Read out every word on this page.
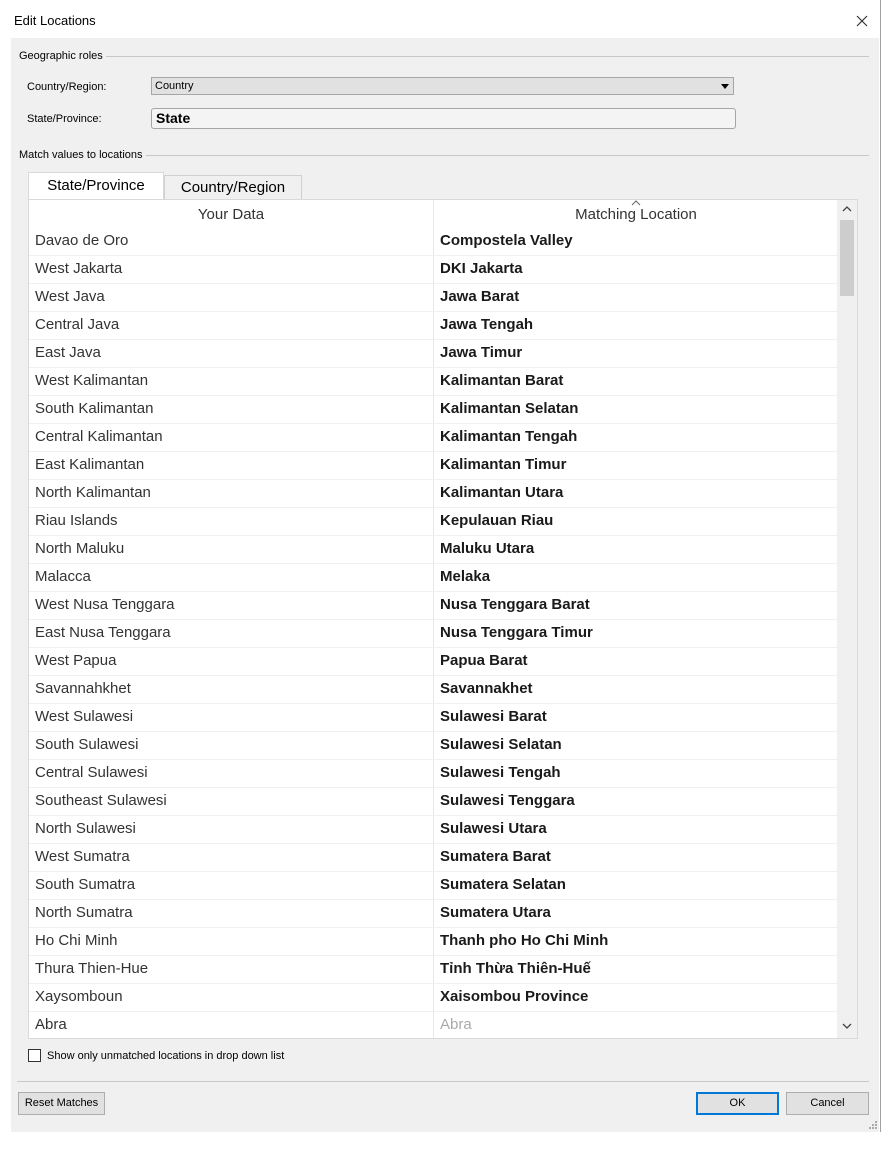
Edit Locations
Geographic roles
Country/Region:	Country
State/Province:	State
Match values to locations
State/Province	Country/Region
Your Data	Matching Location
Davao de Oro	Compostela Valley
West Jakarta	DKI Jakarta
West Java	Jawa Barat
Central Java	Jawa Tengah
East Java	Jawa Timur
West Kalimantan	Kalimantan Barat
South Kalimantan	Kalimantan Selatan
Central Kalimantan	Kalimantan Tengah
East Kalimantan	Kalimantan Timur
North Kalimantan	Kalimantan Utara
Riau Islands	Kepulauan Riau
North Maluku	Maluku Utara
Malacca	Melaka
West Nusa Tenggara	Nusa Tenggara Barat
East Nusa Tenggara	Nusa Tenggara Timur
West Papua	Papua Barat
Savannahkhet	Savannakhet
West Sulawesi	Sulawesi Barat
South Sulawesi	Sulawesi Selatan
Central Sulawesi	Sulawesi Tengah
Southeast Sulawesi	Sulawesi Tenggara
North Sulawesi	Sulawesi Utara
West Sumatra	Sumatera Barat
South Sumatra	Sumatera Selatan
North Sumatra	Sumatera Utara
Ho Chi Minh	Thanh pho Ho Chi Minh
Thura Thien-Hue	Tỉnh Thừa Thiên-Huế
Xaysomboun	Xaisombou Province
Abra	Abra
Show only unmatched locations in drop down list
Reset Matches	OK	Cancel
